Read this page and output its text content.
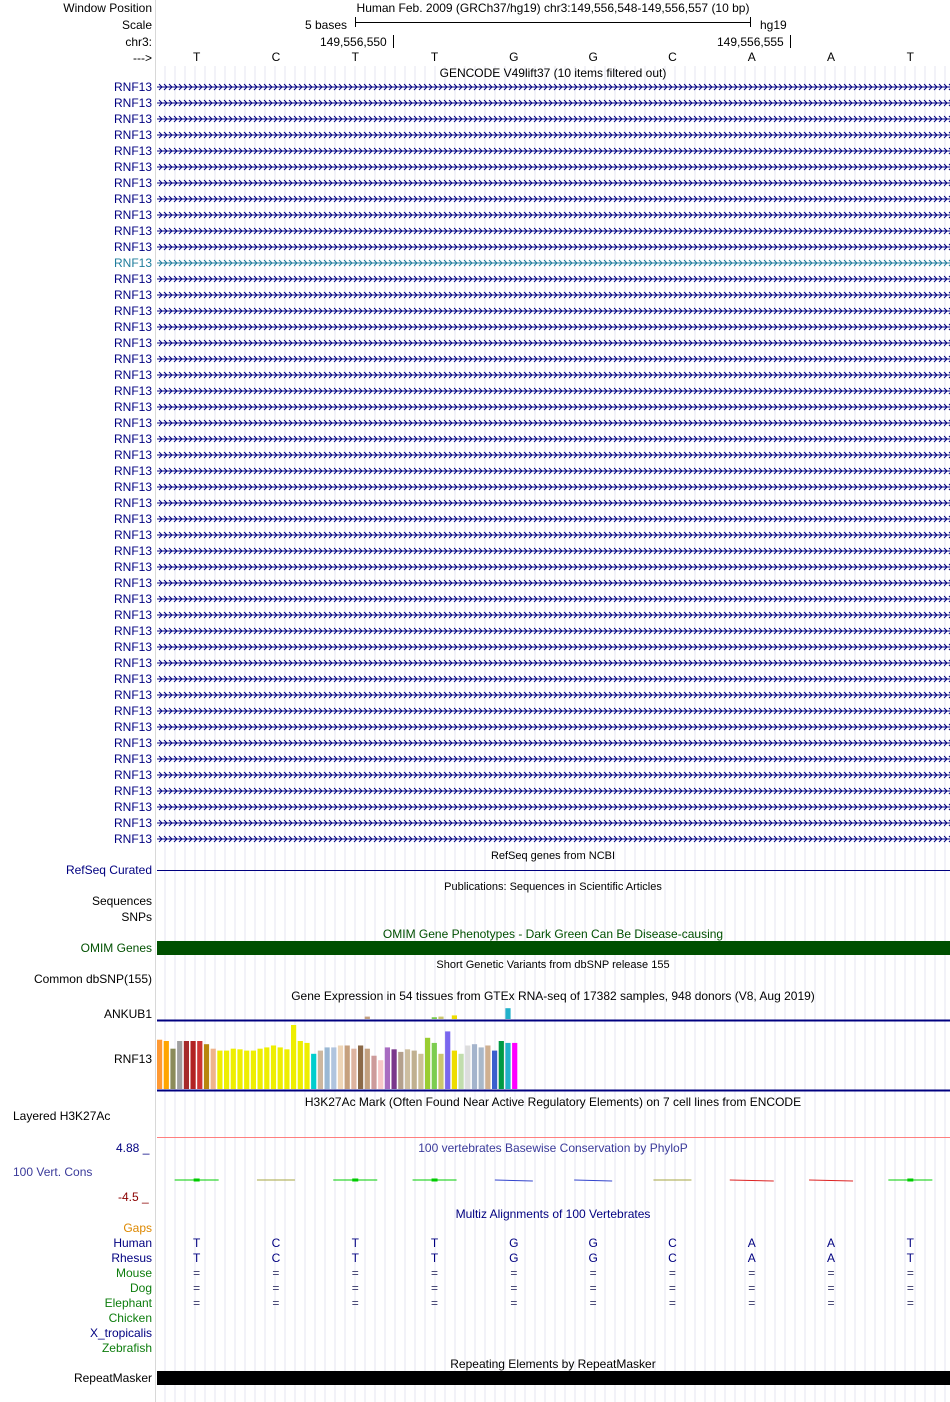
Window Position
Scale
chr3:
--->
Human Feb. 2009 (GRCh37/hg19) chr3:149,556,548-149,556,557 (10 bp)
5 bases	hg19
149,556,550	149,556,555
T	C	T	T	G	G	C	A	A	T
GENCODE V49lift37 (10 items filtered out)
RNF13
RNF13
RNF13
RNF13
RNF13
RNF13
RNF13
RNF13
RNF13
RNF13
RNF13
RNF13
RNF13
RNF13
RNF13
RNF13
RNF13
RNF13
RNF13
RNF13
RNF13
RNF13
RNF13
RNF13
RNF13
RNF13
RNF13
RNF13
RNF13
RNF13
RNF13
RNF13
RNF13
RNF13
RNF13
RNF13
RNF13
RNF13
RNF13
RNF13
RNF13
RNF13
RNF13
RNF13
RNF13
RNF13
RNF13
RNF13
RefSeq genes from NCBI
RefSeq Curated
Publications: Sequences in Scientific Articles
Sequences
SNPs
OMIM Gene Phenotypes - Dark Green Can Be Disease-causing
OMIM Genes
Short Genetic Variants from dbSNP release 155
Common dbSNP(155)
Gene Expression in 54 tissues from GTEx RNA-seq of 17382 samples, 948 donors (V8, Aug 2019)
ANKUB1
RNF13
H3K27Ac Mark (Often Found Near Active Regulatory Elements) on 7 cell lines from ENCODE
Layered H3K27Ac
4.88 _	100 vertebrates Basewise Conservation by PhyloP
100 Vert. Cons
-4.5 _
Multiz Alignments of 100 Vertebrates
Gaps
Human	T	C	T	T	G	G	C	A	A	T
Rhesus	T	C	T	T	G	G	C	A	A	T
Mouse	=	=	=	=	=	=	=	=	=	=
Dog	=	=	=	=	=	=	=	=	=	=
Elephant	=	=	=	=	=	=	=	=	=	=
Chicken
X_tropicalis
Zebrafish
Repeating Elements by RepeatMasker
RepeatMasker
